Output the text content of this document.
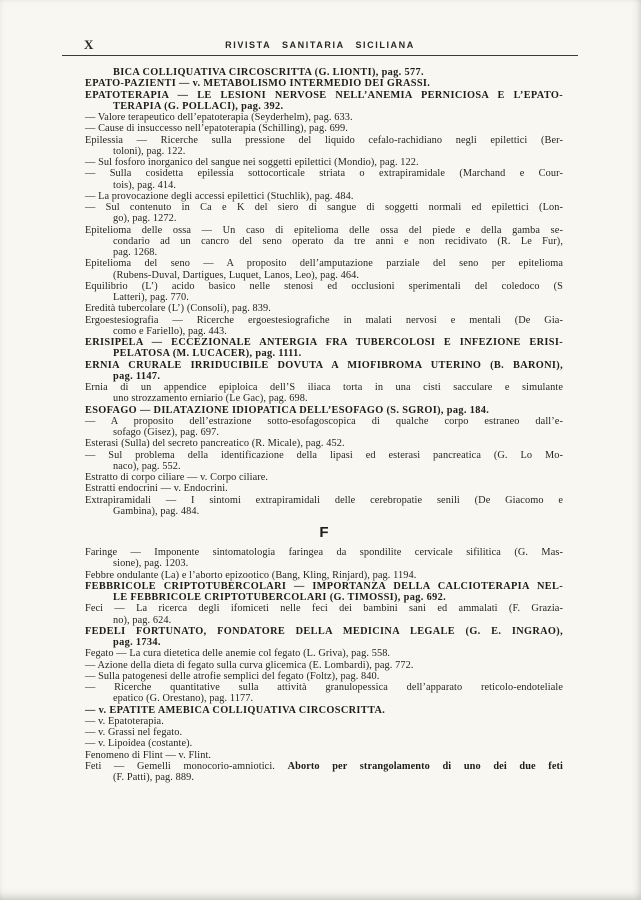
X	RIVISTA SANITARIA SICILIANA
BICA COLLIQUATIVA CIRCOSCRITTA (G. LIONTI), pag. 577.
EPATO-PAZIENTI — v. METABOLISMO INTERMEDIO DEI GRASSI.
EPATOTERAPIA — LE LESIONI NERVOSE NELL’ANEMIA PERNICIOSA E L’EPATO-
TERAPIA (G. POLLACI), pag. 392.
— Valore terapeutico dell’epatoterapia (Seyderhelm), pag. 633.
— Cause di insuccesso nell’epatoterapia (Schilling), pag. 699.
Epilessia — Ricerche sulla pressione del liquido cefalo-rachidiano negli epilettici (Ber-
toloni), pag. 122.
— Sul fosforo inorganico del sangue nei soggetti epilettici (Mondio), pag. 122.
— Sulla cosidetta epilessia sottocorticale striata o extrapiramidale (Marchand e Cour-
tois), pag. 414.
— La provocazione degli accessi epilettici (Stuchlik), pag. 484.
— Sul contenuto in Ca e K del siero di sangue di soggetti normali ed epilettici (Lon-
go), pag. 1272.
Epitelioma delle ossa — Un caso di epitelioma delle ossa del piede e della gamba se-
condario ad un cancro del seno operato da tre anni e non recidivato (R. Le Fur),
pag. 1268.
Epitelioma del seno — A proposito dell’amputazione parziale del seno per epitelioma
(Rubens-Duval, Dartigues, Luquet, Lanos, Leo), pag. 464.
Equilibrio (L’) acido basico nelle stenosi ed occlusioni sperimentali del coledoco (S
Latteri), pag. 770.
Eredità tubercolare (L’) (Consoli), pag. 839.
Ergoestesiografia — Ricerche ergoestesiografiche in malati nervosi e mentali (De Gia-
como e Fariello), pag. 443.
ERISIPELA — ECCEZIONALE ANTERGIA FRA TUBERCOLOSI E INFEZIONE ERISI-
PELATOSA (M. LUCACER), pag. 1111.
ERNIA CRURALE IRRIDUCIBILE DOVUTA A MIOFIBROMA UTERINO (B. BARONI),
pag. 1147.
Ernia di un appendice epiploica dell’S iliaca torta in una cisti sacculare e simulante
uno strozzamento erniario (Le Gac), pag. 698.
ESOFAGO — DILATAZIONE IDIOPATICA DELL’ESOFAGO (S. SGROI), pag. 184.
— A proposito dell’estrazione sotto-esofagoscopica di qualche corpo estraneo dall’e-
sofago (Gisez), pag. 697.
Esterasi (Sulla) del secreto pancreatico (R. Micale), pag. 452.
— Sul problema della identificazione della lipasi ed esterasi pancreatica (G. Lo Mo-
naco), pag. 552.
Estratto di corpo ciliare — v. Corpo ciliare.
Estratti endocrini — v. Endocrini.
Extrapiramidali — I sintomi extrapiramidali delle cerebropatie senili (De Giacomo e
Gambina), pag. 484.
F
Faringe — Imponente sintomatologia faringea da spondilite cervicale sifilitica (G. Mas-
sione), pag. 1203.
Febbre ondulante (La) e l’aborto epizootico (Bang, Kling, Rinjard), pag. 1194.
FEBBRICOLE CRIPTOTUBERCOLARI — IMPORTANZA DELLA CALCIOTERAPIA NEL-
LE FEBBRICOLE CRIPTOTUBERCOLARI (G. TIMOSSI), pag. 692.
Feci — La ricerca degli ifomiceti nelle feci dei bambini sani ed ammalati (F. Grazia-
no), pag. 624.
FEDELI FORTUNATO, FONDATORE DELLA MEDICINA LEGALE (G. E. INGRAO),
pag. 1734.
Fegato — La cura dietetica delle anemie col fegato (L. Griva), pag. 558.
— Azione della dieta di fegato sulla curva glicemica (E. Lombardi), pag. 772.
— Sulla patogenesi delle atrofie semplici del fegato (Foltz), pag. 840.
— Ricerche quantitative sulla attività granulopessica dell’apparato reticolo-endoteliale
epatico (G. Orestano), pag. 1177.
— v. EPATITE AMEBICA COLLIQUATIVA CIRCOSCRITTA.
— v. Epatoterapia.
— v. Grassi nel fegato.
— v. Lipoidea (costante).
Fenomeno di Flint — v. Flint.
Feti — Gemelli monocorio-amniotici. Aborto per strangolamento di uno dei due feti
(F. Patti), pag. 889.
